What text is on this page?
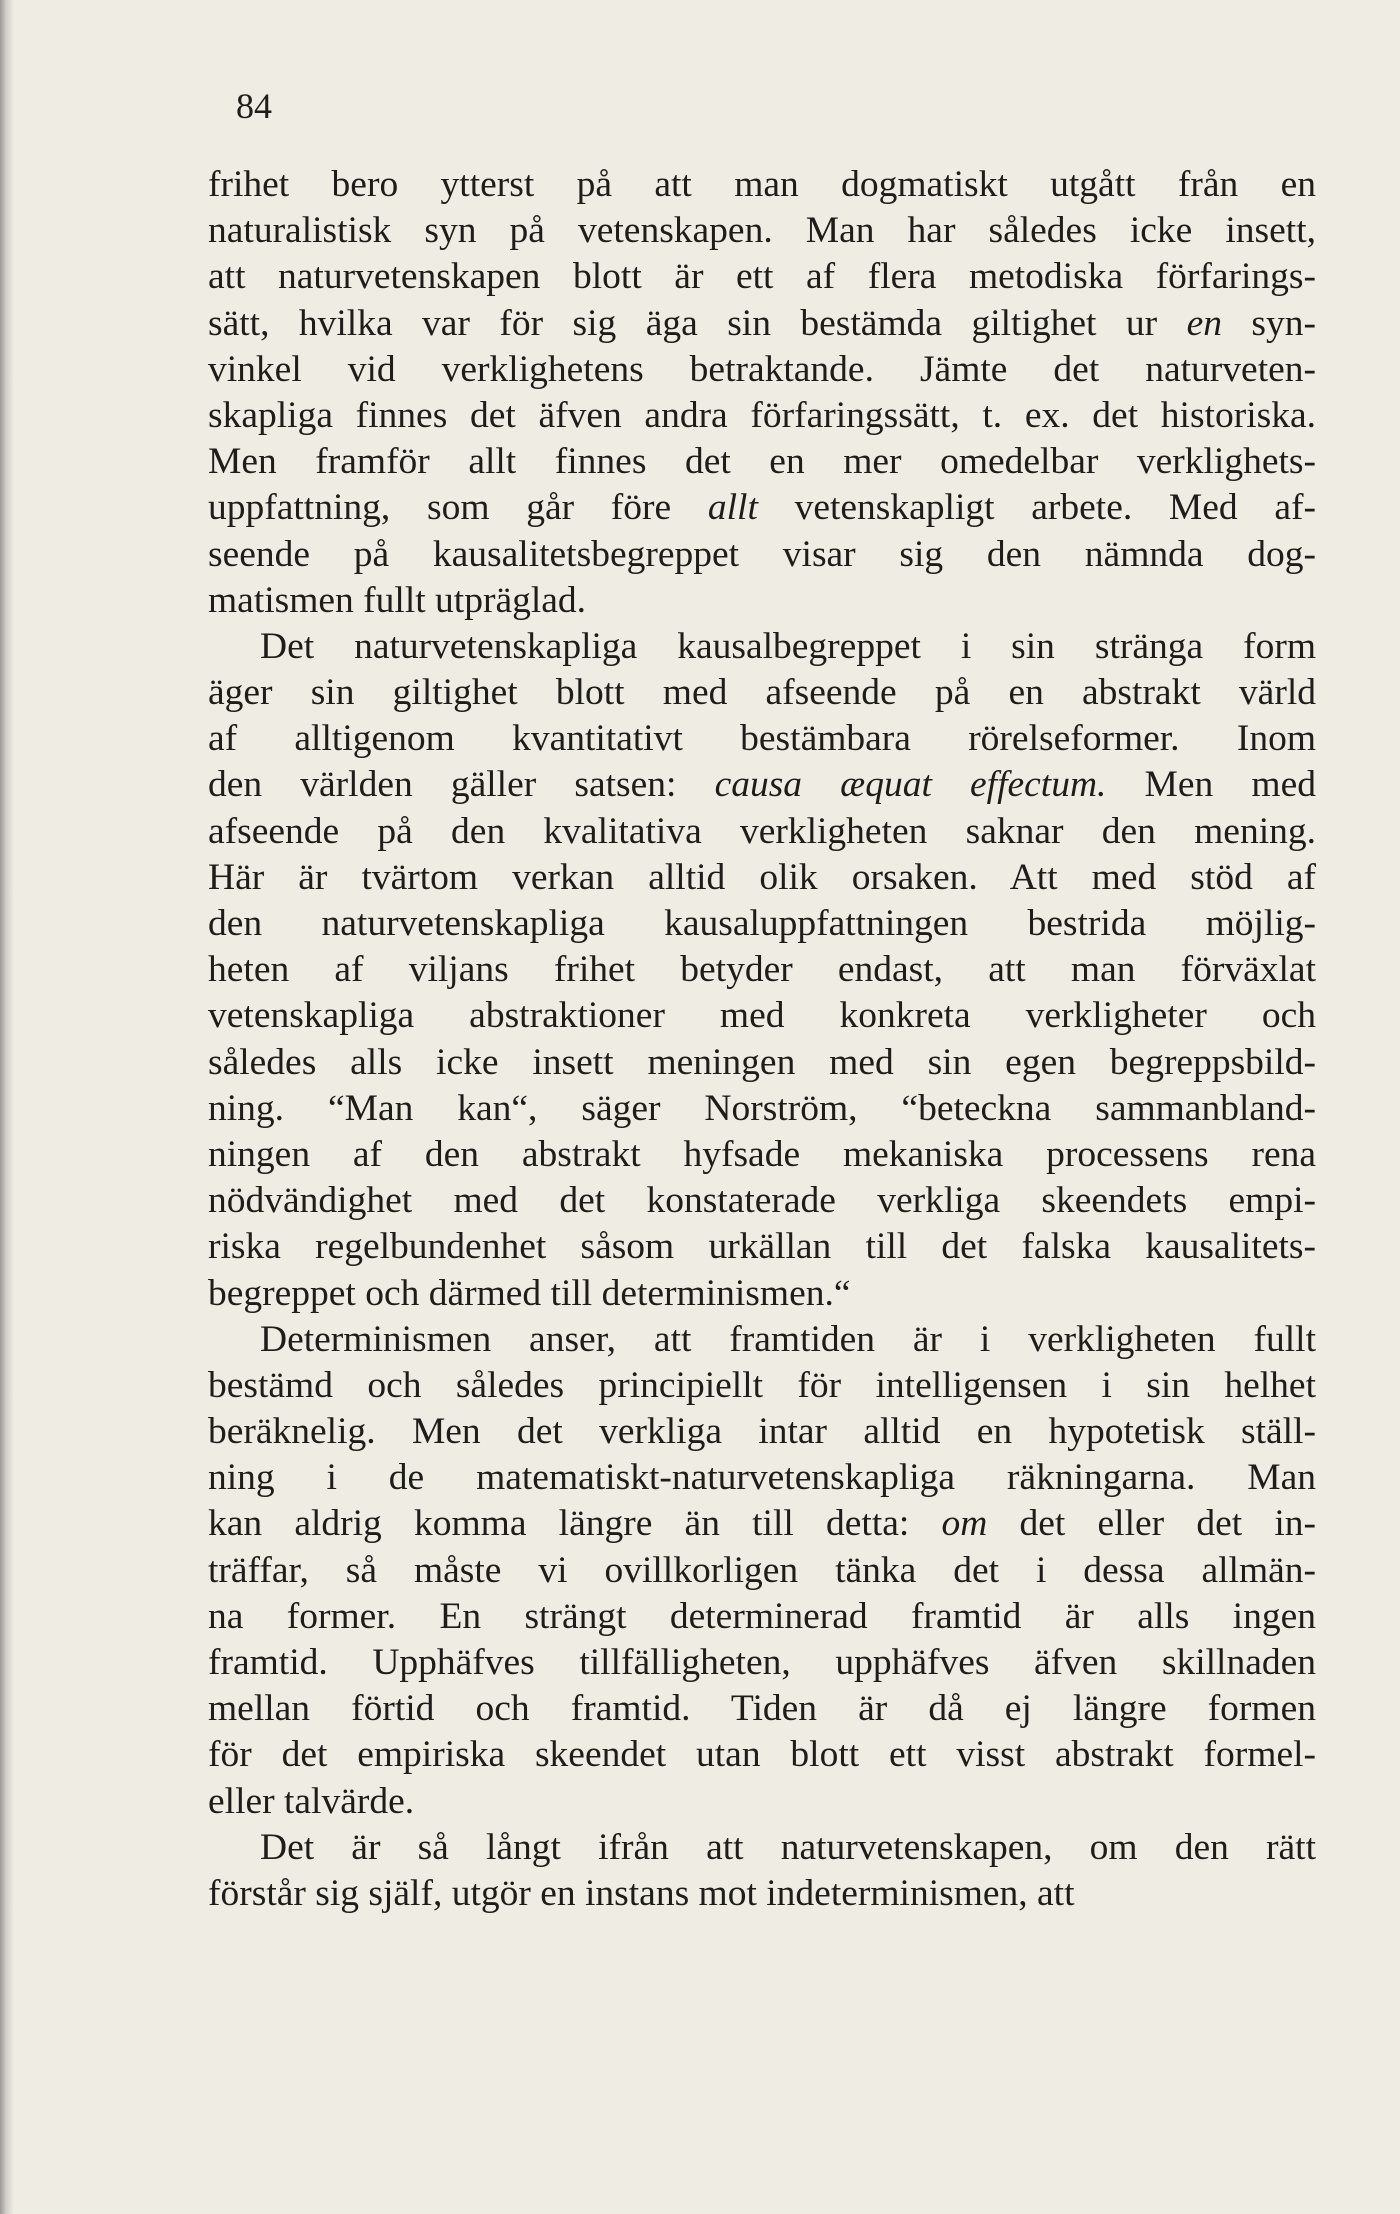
84

frihet bero ytterst på att man dogmatiskt utgått från en
naturalistisk syn på vetenskapen. Man har således icke insett,
att naturvetenskapen blott är ett af flera metodiska förfarings-
sätt, hvilka var för sig äga sin bestämda giltighet ur en syn-
vinkel vid verklighetens betraktande. Jämte det naturveten-
skapliga finnes det äfven andra förfaringssätt, t. ex. det historiska.
Men framför allt finnes det en mer omedelbar verklighets-
uppfattning, som går före allt vetenskapligt arbete. Med af-
seende på kausalitetsbegreppet visar sig den nämnda dog-
matismen fullt utpräglad.

Det naturvetenskapliga kausalbegreppet i sin stränga form
äger sin giltighet blott med afseende på en abstrakt värld
af alltigenom kvantitativt bestämbara rörelseformer. Inom
den världen gäller satsen: causa æquat effectum. Men med
afseende på den kvalitativa verkligheten saknar den mening.
Här är tvärtom verkan alltid olik orsaken. Att med stöd af
den naturvetenskapliga kausaluppfattningen bestrida möjlig-
heten af viljans frihet betyder endast, att man förväxlat
vetenskapliga abstraktioner med konkreta verkligheter och
således alls icke insett meningen med sin egen begreppsbild-
ning. “Man kan“, säger Norström, “beteckna sammanbland-
ningen af den abstrakt hyfsade mekaniska processens rena
nödvändighet med det konstaterade verkliga skeendets empi-
riska regelbundenhet såsom urkällan till det falska kausalitets-
begreppet och därmed till determinismen.“

Determinismen anser, att framtiden är i verkligheten fullt
bestämd och således principiellt för intelligensen i sin helhet
beräknelig. Men det verkliga intar alltid en hypotetisk ställ-
ning i de matematiskt-naturvetenskapliga räkningarna. Man
kan aldrig komma längre än till detta: om det eller det in-
träffar, så måste vi ovillkorligen tänka det i dessa allmän-
na former. En strängt determinerad framtid är alls ingen
framtid. Upphäfves tillfälligheten, upphäfves äfven skillnaden
mellan förtid och framtid. Tiden är då ej längre formen
för det empiriska skeendet utan blott ett visst abstrakt formel-
eller talvärde.

Det är så långt ifrån att naturvetenskapen, om den rätt
förstår sig själf, utgör en instans mot indeterminismen, att
